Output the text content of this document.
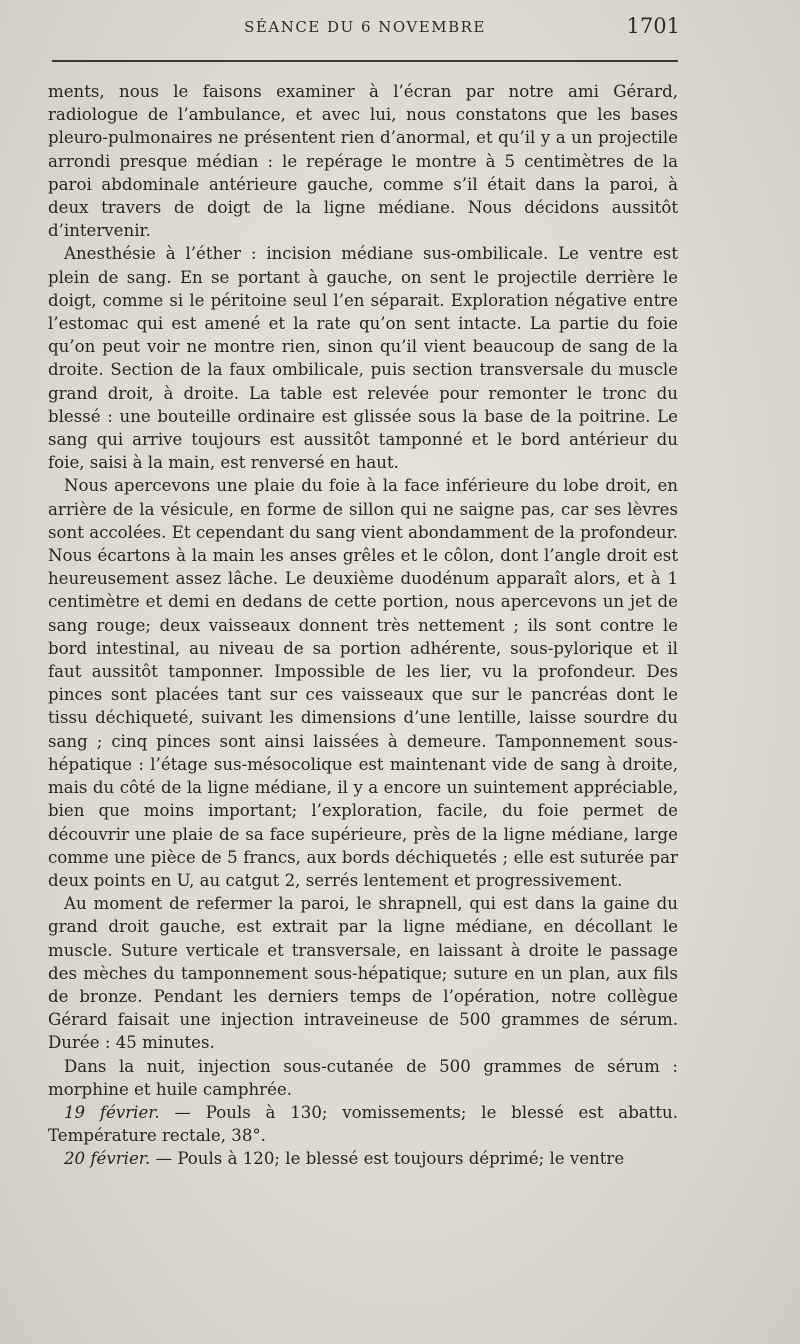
SÉANCE DU 6 NOVEMBRE	1701

ments, nous le faisons examiner à l’écran par notre ami Gérard, radiologue de l’ambulance, et avec lui, nous constatons que les bases pleuro-pulmonaires ne présentent rien d’anormal, et qu’il y a un projectile arrondi presque médian : le repérage le montre à 5 centimètres de la paroi abdominale antérieure gauche, comme s’il était dans la paroi, à deux travers de doigt de la ligne médiane. Nous décidons aussitôt d’intervenir.

Anesthésie à l’éther : incision médiane sus-ombilicale. Le ventre est plein de sang. En se portant à gauche, on sent le projectile derrière le doigt, comme si le péritoine seul l’en séparait. Exploration négative entre l’estomac qui est amené et la rate qu’on sent intacte. La partie du foie qu’on peut voir ne montre rien, sinon qu’il vient beaucoup de sang de la droite. Section de la faux ombilicale, puis section transversale du muscle grand droit, à droite. La table est relevée pour remonter le tronc du blessé : une bouteille ordinaire est glissée sous la base de la poitrine. Le sang qui arrive toujours est aussitôt tamponné et le bord antérieur du foie, saisi à la main, est renversé en haut.

Nous apercevons une plaie du foie à la face inférieure du lobe droit, en arrière de la vésicule, en forme de sillon qui ne saigne pas, car ses lèvres sont accolées. Et cependant du sang vient abondamment de la profondeur. Nous écartons à la main les anses grêles et le côlon, dont l’angle droit est heureusement assez lâche. Le deuxième duodénum apparaît alors, et à 1 centimètre et demi en dedans de cette portion, nous apercevons un jet de sang rouge; deux vaisseaux donnent très nettement ; ils sont contre le bord intestinal, au niveau de sa portion adhérente, sous-pylorique et il faut aussitôt tamponner. Impossible de les lier, vu la profondeur. Des pinces sont placées tant sur ces vaisseaux que sur le pancréas dont le tissu déchiqueté, suivant les dimensions d’une lentille, laisse sourdre du sang ; cinq pinces sont ainsi laissées à demeure. Tamponnement sous-hépatique : l’étage sus-mésocolique est maintenant vide de sang à droite, mais du côté de la ligne médiane, il y a encore un suintement appréciable, bien que moins important; l’exploration, facile, du foie permet de découvrir une plaie de sa face supérieure, près de la ligne médiane, large comme une pièce de 5 francs, aux bords déchiquetés ; elle est suturée par deux points en U, au catgut 2, serrés lentement et progressivement.

Au moment de refermer la paroi, le shrapnell, qui est dans la gaine du grand droit gauche, est extrait par la ligne médiane, en décollant le muscle. Suture verticale et transversale, en laissant à droite le passage des mèches du tamponnement sous-hépatique; suture en un plan, aux fils de bronze. Pendant les derniers temps de l’opération, notre collègue Gérard faisait une injection intraveineuse de 500 grammes de sérum. Durée : 45 minutes.

Dans la nuit, injection sous-cutanée de 500 grammes de sérum : morphine et huile camphrée.

19 février. — Pouls à 130; vomissements; le blessé est abattu. Température rectale, 38°.

20 février. — Pouls à 120; le blessé est toujours déprimé; le ventre
